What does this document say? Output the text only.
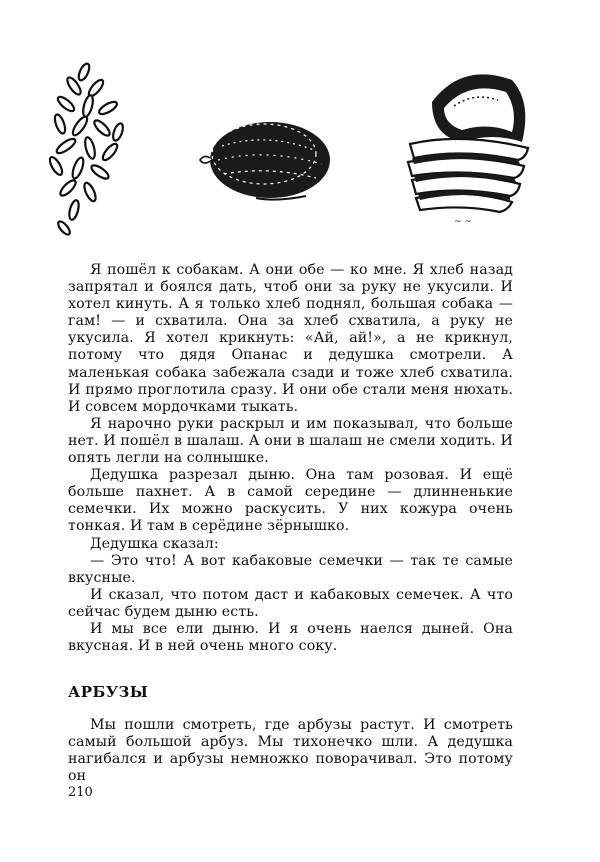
~ ~

Я пошёл к собакам. А они обе — ко мне. Я хлеб назад запрятал и боялся дать, чтоб они за руку не укусили. И хотел кинуть. А я только хлеб поднял, большая собака — гам! — и схватила. Она за хлеб схватила, а руку не укусила. Я хотел крикнуть: «Ай, ай!», а не крикнул, потому что дядя Опанас и дедушка смотрели. А маленькая собака забежала сзади и тоже хлеб схватила. И прямо проглотила сразу. И они обе стали меня нюхать. И совсем мордочками тыкать.

Я нарочно руки раскрыл и им показывал, что больше нет. И пошёл в шалаш. А они в шалаш не смели ходить. И опять легли на солнышке.

Дедушка разрезал дыню. Она там розовая. И ещё больше пахнет. А в самой середине — длинненькие семечки. Их можно раскусить. У них кожура очень тонкая. И там в серёдине зёрнышко.

Дедушка сказал:

— Это что! А вот кабаковые семечки — так те самые вкусные.

И сказал, что потом даст и кабаковых семечек. А что сейчас будем дыню есть.

И мы все ели дыню. И я очень наелся дыней. Она вкусная. И в ней очень много соку.

АРБУЗЫ

Мы пошли смотреть, где арбузы растут. И смотреть самый большой арбуз. Мы тихонечко шли. А дедушка нагибался и арбузы немножко поворачивал. Это потому он

210
